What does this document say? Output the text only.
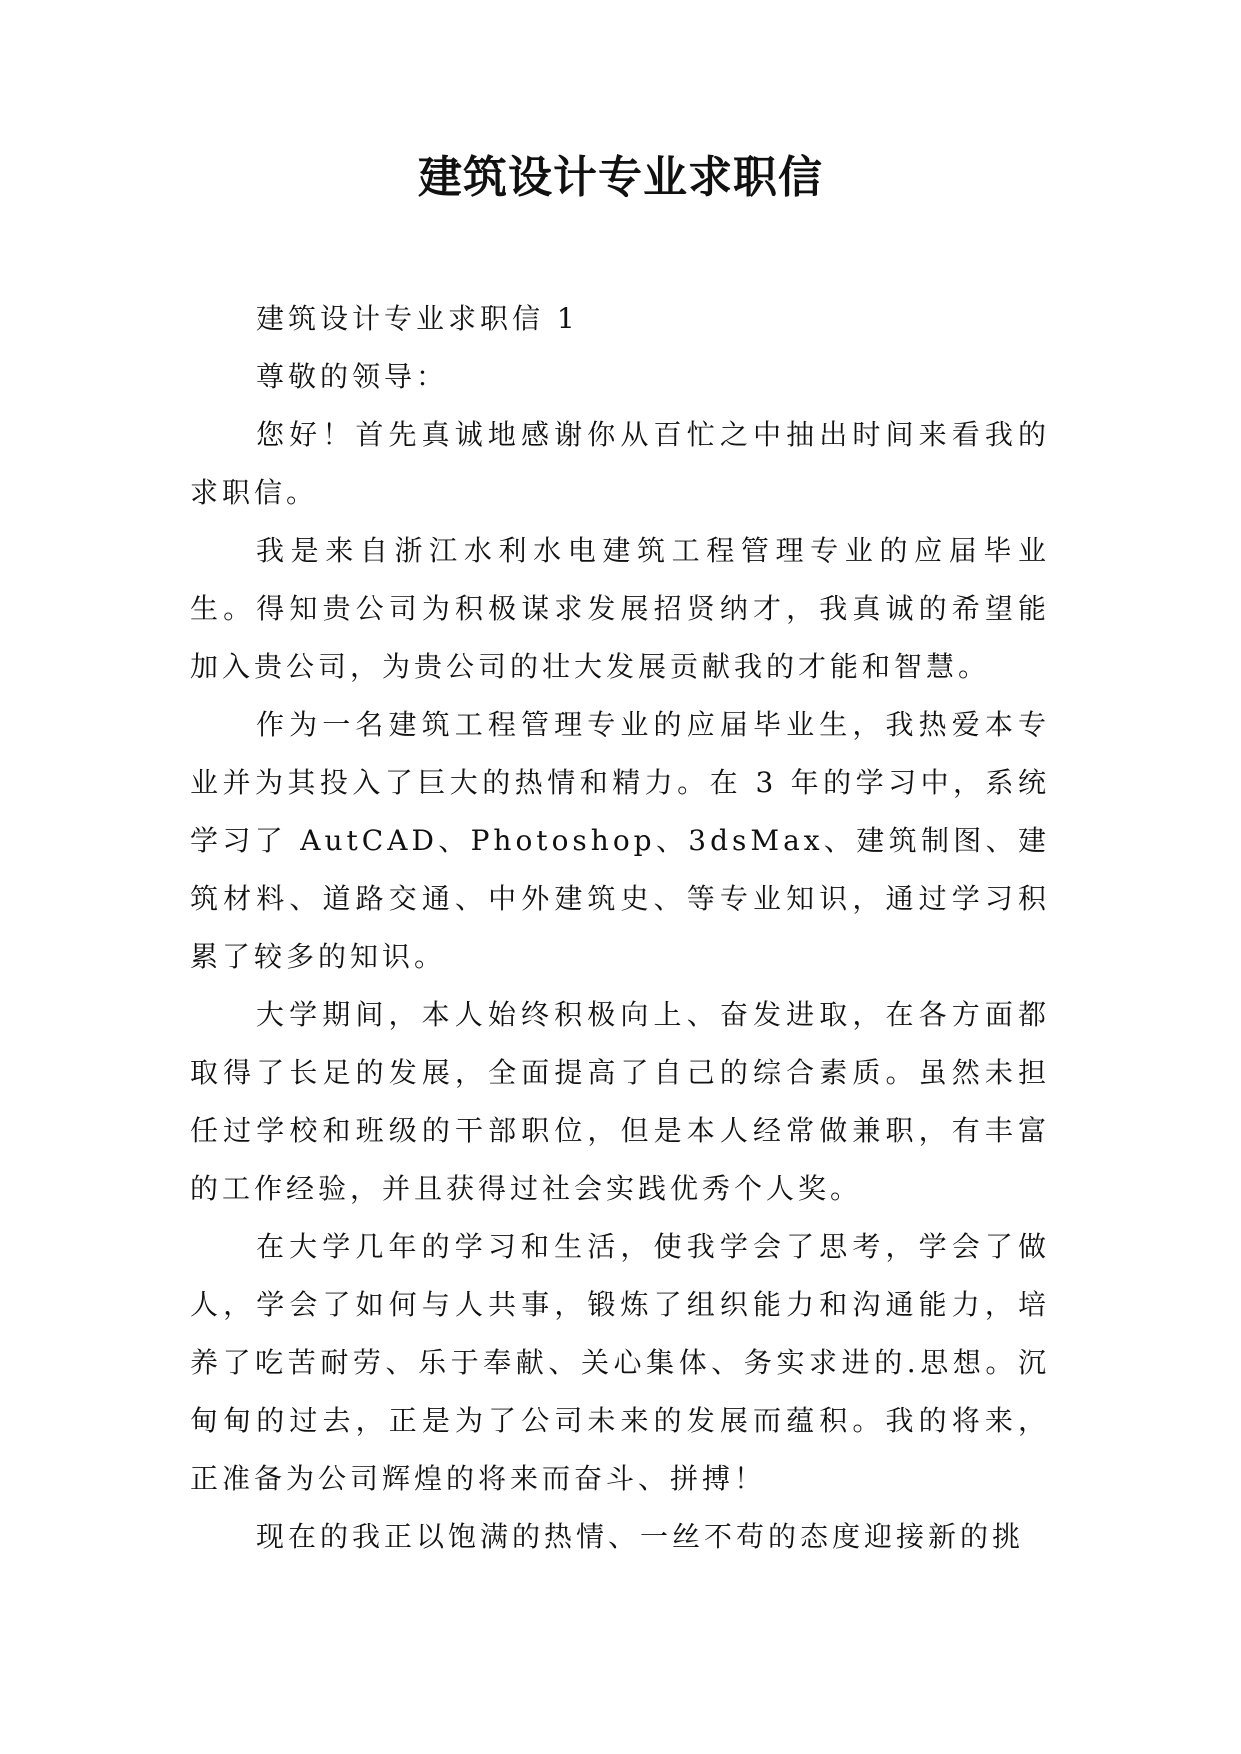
建筑设计专业求职信

建筑设计专业求职信 1

尊敬的领导：

您好！首先真诚地感谢你从百忙之中抽出时间来看我的求职信。

我是来自浙江水利水电建筑工程管理专业的应届毕业生。得知贵公司为积极谋求发展招贤纳才，我真诚的希望能加入贵公司，为贵公司的壮大发展贡献我的才能和智慧。

作为一名建筑工程管理专业的应届毕业生，我热爱本专业并为其投入了巨大的热情和精力。在 3 年的学习中，系统学习了 AutCAD、Photoshop、3dsMax、建筑制图、建筑材料、道路交通、中外建筑史、等专业知识，通过学习积累了较多的知识。

大学期间，本人始终积极向上、奋发进取，在各方面都取得了长足的发展，全面提高了自己的综合素质。虽然未担任过学校和班级的干部职位，但是本人经常做兼职，有丰富的工作经验，并且获得过社会实践优秀个人奖。

在大学几年的学习和生活，使我学会了思考，学会了做人，学会了如何与人共事，锻炼了组织能力和沟通能力，培养了吃苦耐劳、乐于奉献、关心集体、务实求进的.思想。沉甸甸的过去，正是为了公司未来的发展而蕴积。我的将来，正准备为公司辉煌的将来而奋斗、拼搏！

现在的我正以饱满的热情、一丝不苟的态度迎接新的挑
